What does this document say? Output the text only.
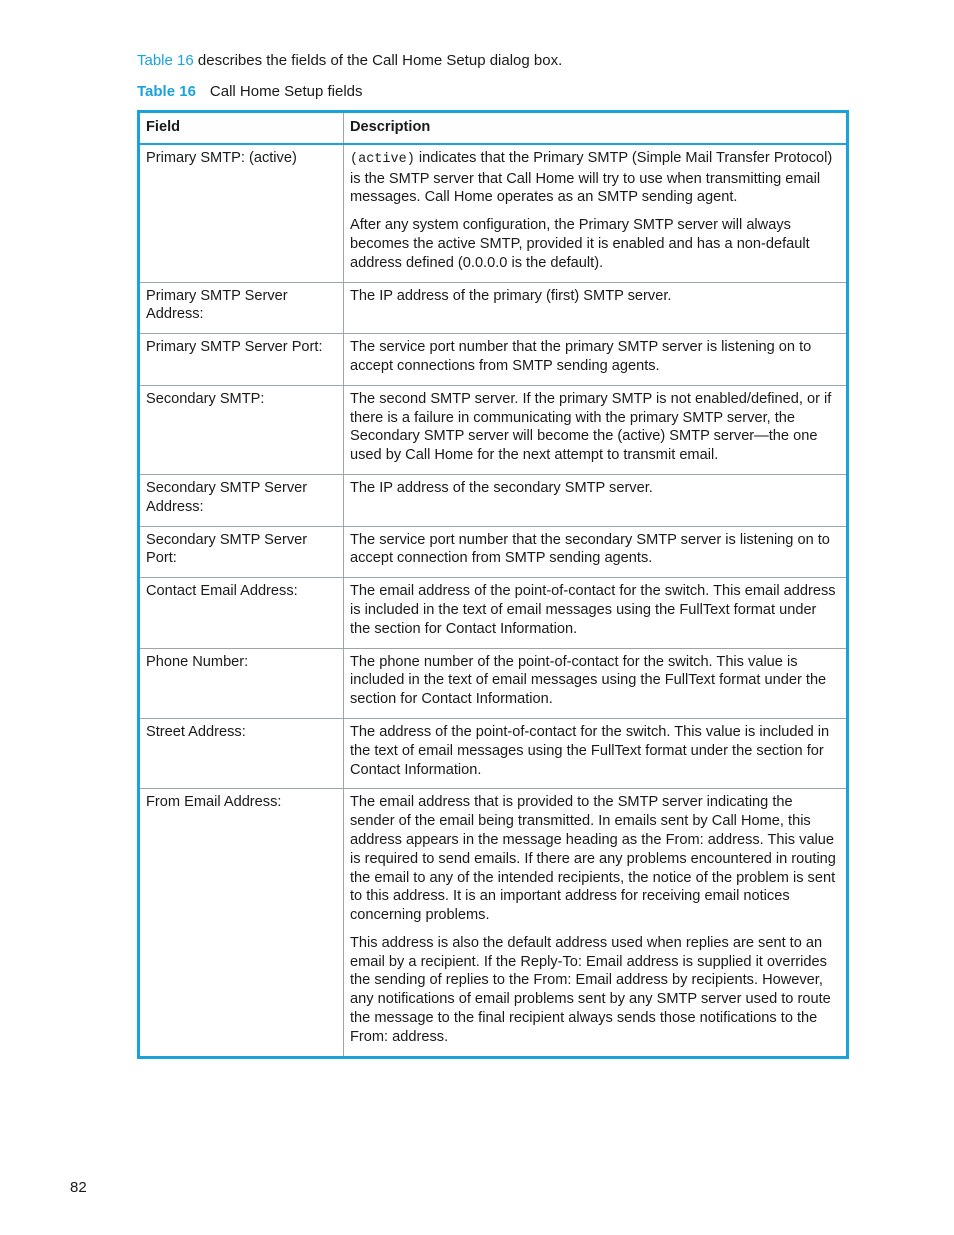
Table 16 describes the fields of the Call Home Setup dialog box.
Table 16 Call Home Setup fields
Field	Description
Primary SMTP: (active)	(active) indicates that the Primary SMTP (Simple Mail Transfer Protocol) is the SMTP server that Call Home will try to use when transmitting email messages. Call Home operates as an SMTP sending agent.

After any system configuration, the Primary SMTP server will always becomes the active SMTP, provided it is enabled and has a non-default address defined (0.0.0.0 is the default).

Primary SMTP Server Address:	The IP address of the primary (first) SMTP server.

Primary SMTP Server Port:	The service port number that the primary SMTP server is listening on to accept connections from SMTP sending agents.

Secondary SMTP:	The second SMTP server. If the primary SMTP is not enabled/defined, or if there is a failure in communicating with the primary SMTP server, the Secondary SMTP server will become the (active) SMTP server—the one used by Call Home for the next attempt to transmit email.

Secondary SMTP Server Address:	The IP address of the secondary SMTP server.

Secondary SMTP Server Port:	The service port number that the secondary SMTP server is listening on to accept connection from SMTP sending agents.

Contact Email Address:	The email address of the point-of-contact for the switch. This email address is included in the text of email messages using the FullText format under the section for Contact Information.

Phone Number:	The phone number of the point-of-contact for the switch. This value is included in the text of email messages using the FullText format under the section for Contact Information.

Street Address:	The address of the point-of-contact for the switch. This value is included in the text of email messages using the FullText format under the section for Contact Information.

From Email Address:	The email address that is provided to the SMTP server indicating the sender of the email being transmitted. In emails sent by Call Home, this address appears in the message heading as the From: address. This value is required to send emails. If there are any problems encountered in routing the email to any of the intended recipients, the notice of the problem is sent to this address. It is an important address for receiving email notices concerning problems.

This address is also the default address used when replies are sent to an email by a recipient. If the Reply-To: Email address is supplied it overrides the sending of replies to the From: Email address by recipients. However, any notifications of email problems sent by any SMTP server used to route the message to the final recipient always sends those notifications to the From: address.

82
